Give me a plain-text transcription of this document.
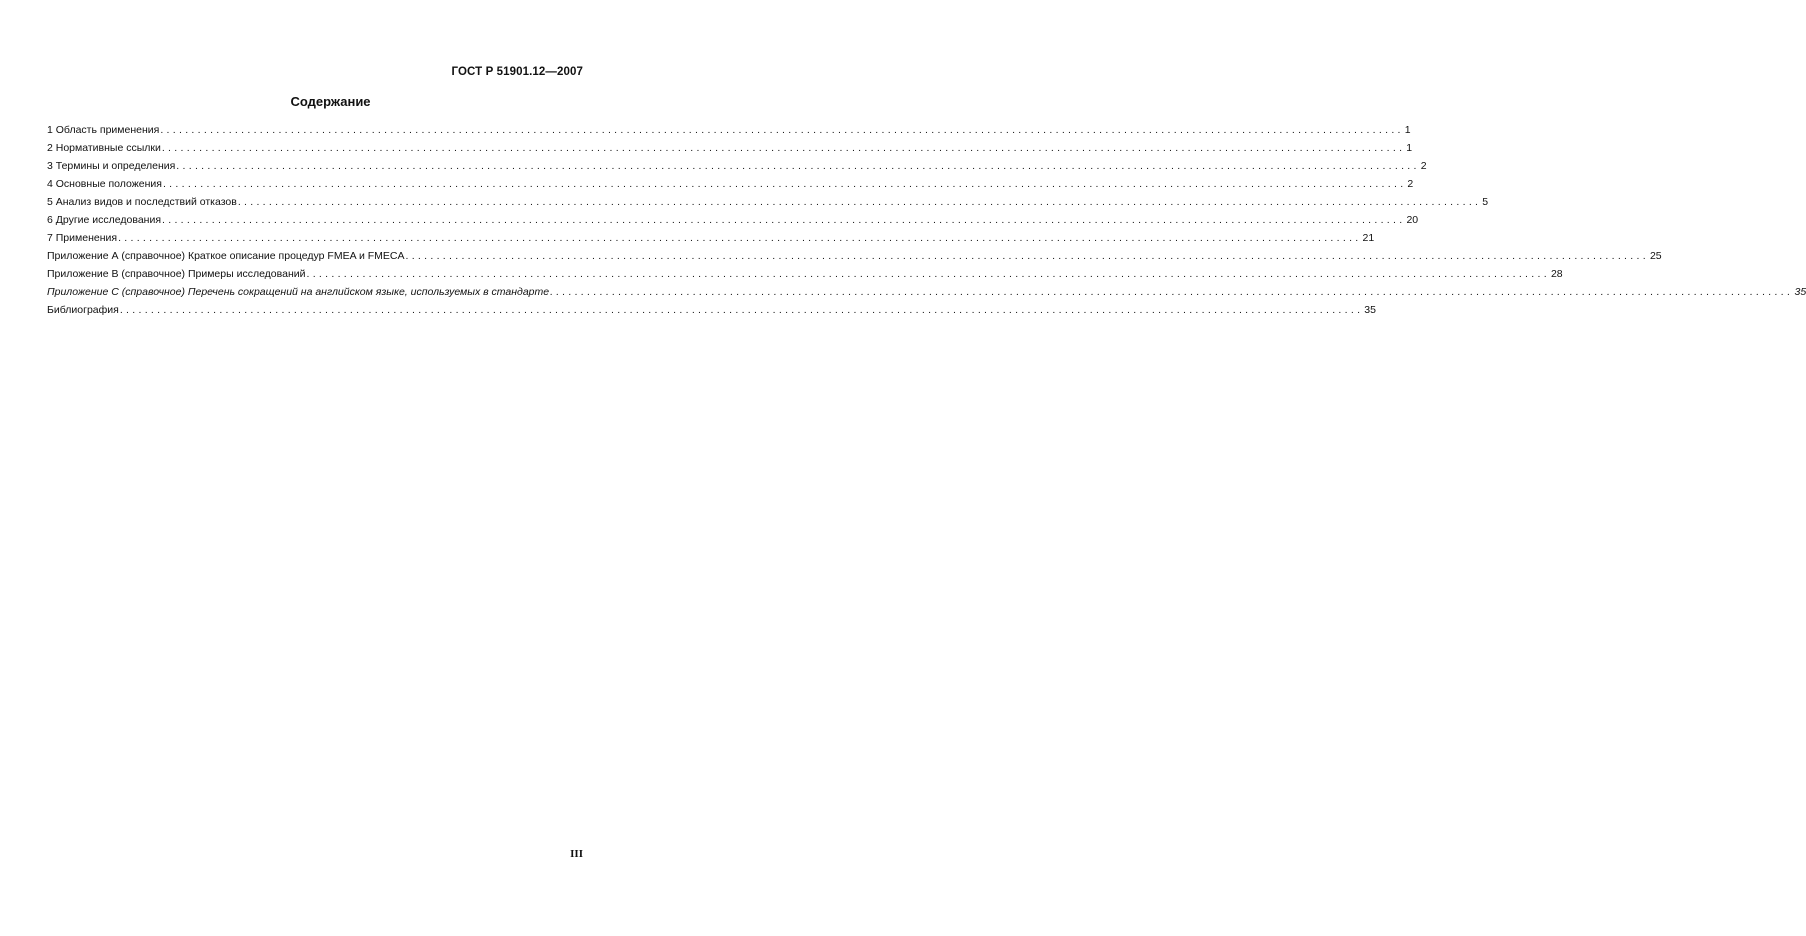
ГОСТ Р 51901.12—2007
Содержание
1 Область применения ........................................................................................................................................................................................................ 1
2 Нормативные ссылки ........................................................................................................................................................................................................ 1
3 Термины и определения ........................................................................................................................................................................................................ 2
4 Основные положения ........................................................................................................................................................................................................ 2
5 Анализ видов и последствий отказов ........................................................................................................................................................................................................ 5
6 Другие исследования ........................................................................................................................................................................................................ 20
7 Применения ........................................................................................................................................................................................................ 21
Приложение А (справочное) Краткое описание процедур FMEA и FMECA ........................................................................................................................................................................................................ 25
Приложение В (справочное) Примеры исследований ........................................................................................................................................................................................................ 28
Приложение С (справочное) Перечень сокращений на английском языке, используемых в стандарте ........................................................................................................................................................................................................ 35
Библиография ........................................................................................................................................................................................................ 35
III
